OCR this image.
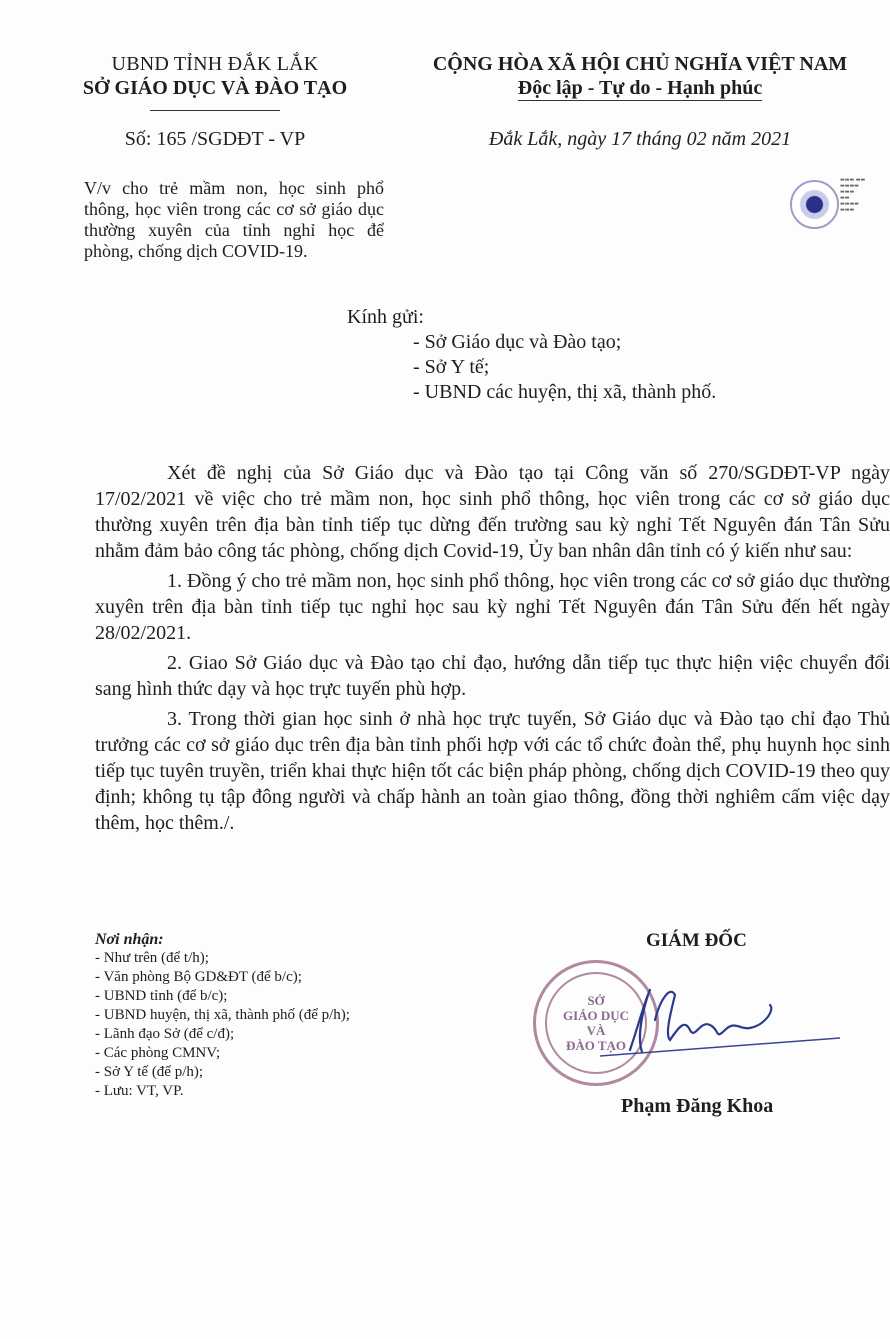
UBND TỈNH ĐẮK LẮK
SỞ GIÁO DỤC VÀ ĐÀO TẠO
Số: 165 /SGDĐT - VP
CỘNG HÒA XÃ HỘI CHỦ NGHĨA VIỆT NAM
Độc lập - Tự do - Hạnh phúc
Đắk Lắk, ngày 17 tháng 02 năm 2021
V/v cho trẻ mầm non, học sinh phổ thông, học viên trong các cơ sở giáo dục thường xuyên của tỉnh nghỉ học để phòng, chống dịch COVID-19.
▬▬▬ ▬▬
▬▬▬▬
▬▬▬
▬▬
▬▬▬▬
▬▬▬
Kính gửi:
- Sở Giáo dục và Đào tạo;
- Sở Y tế;
- UBND các huyện, thị xã, thành phố.

Xét đề nghị của Sở Giáo dục và Đào tạo tại Công văn số 270/SGDĐT-VP ngày 17/02/2021 về việc cho trẻ mầm non, học sinh phổ thông, học viên trong các cơ sở giáo dục thường xuyên trên địa bàn tỉnh tiếp tục dừng đến trường sau kỳ nghỉ Tết Nguyên đán Tân Sửu nhằm đảm bảo công tác phòng, chống dịch Covid-19, Ủy ban nhân dân tỉnh có ý kiến như sau:

1. Đồng ý cho trẻ mầm non, học sinh phổ thông, học viên trong các cơ sở giáo dục thường xuyên trên địa bàn tỉnh tiếp tục nghỉ học sau kỳ nghỉ Tết Nguyên đán Tân Sửu đến hết ngày 28/02/2021.

2. Giao Sở Giáo dục và Đào tạo chỉ đạo, hướng dẫn tiếp tục thực hiện việc chuyển đổi sang hình thức dạy và học trực tuyến phù hợp.

3. Trong thời gian học sinh ở nhà học trực tuyến, Sở Giáo dục và Đào tạo chỉ đạo Thủ trưởng các cơ sở giáo dục trên địa bàn tỉnh phối hợp với các tổ chức đoàn thể, phụ huynh học sinh tiếp tục tuyên truyền, triển khai thực hiện tốt các biện pháp phòng, chống dịch COVID-19 theo quy định; không tụ tập đông người và chấp hành an toàn giao thông, đồng thời nghiêm cấm việc dạy thêm, học thêm./.

Nơi nhận:
- Như trên (để t/h);
- Văn phòng Bộ GD&ĐT (để b/c);
- UBND tỉnh (để b/c);
- UBND huyện, thị xã, thành phố (để p/h);
- Lãnh đạo Sở (để c/đ);
- Các phòng CMNV;
- Sở Y tế (để p/h);
- Lưu: VT, VP.
SỞ
GIÁO DỤC
VÀ
ĐÀO TẠO
GIÁM ĐỐC
Phạm Đăng Khoa
